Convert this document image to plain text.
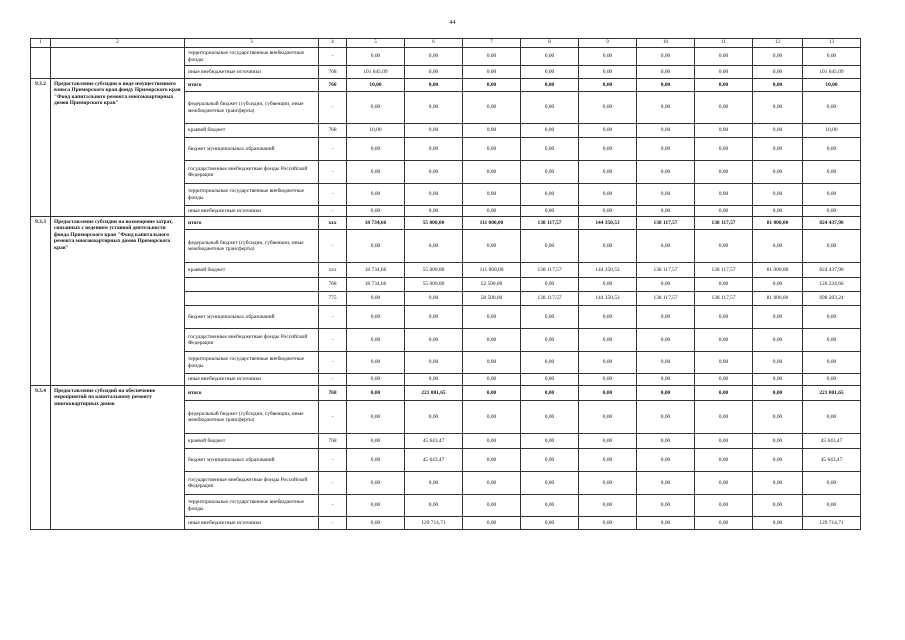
44
1	2	3	4	5	6	7	8	9	10	11	12	13
		территориальные государственные внебюджетные фонды	-	0,00	0,00	0,00	0,00	0,00	0,00	0,00	0,00	0,00
		иные внебюджетные источники	768	101 645,09	0,00	0,00	0,00	0,00	0,00	0,00	0,00	101 645,09
9.3.2	Предоставление субсидии в виде имущественного взноса Приморского края фонду Приморского края "Фонд капитального ремонта многоквартирных домов Приморского края"	итого	768	10,00	0,00	0,00	0,00	0,00	0,00	0,00	0,00	10,00
		федеральный бюджет (субсидии, субвенции, иные межбюджетные трансферты)	-	0,00	0,00	0,00	0,00	0,00	0,00	0,00	0,00	0,00
		краевой бюджет	768	10,00	0,00	0,00	0,00	0,00	0,00	0,00	0,00	10,00
		бюджет муниципальных образований	-	0,00	0,00	0,00	0,00	0,00	0,00	0,00	0,00	0,00
		государственные внебюджетные фонды Российской Федерации	-	0,00	0,00	0,00	0,00	0,00	0,00	0,00	0,00	0,00
		территориальные государственные внебюджетные фонды	-	0,00	0,00	0,00	0,00	0,00	0,00	0,00	0,00	0,00
		иные внебюджетные источники	-	0,00	0,00	0,00	0,00	0,00	0,00	0,00	0,00	0,00
9.3.3	Предоставление субсидии на возмещение затрат, связанных с ведением уставной деятельности фонда Приморского края "Фонд капитального ремонта многоквартирных домов Приморского края"	итого	xxx	18 734,66	55 000,00	111 000,00	138 117,57	144 350,53	138 117,57	138 117,57	81 000,00	824 437,90
		федеральный бюджет (субсидии, субвенции, иные межбюджетные трансферты)	-	0,00	0,00	0,00	0,00	0,00	0,00	0,00	0,00	0,00
		краевой бюджет	xxx	18 734,66	55 000,00	111 000,00	138 117,57	144 350,53	138 117,57	138 117,57	81 000,00	824 437,90
			768	18 734,66	55 000,00	52 500,00	0,00	0,00	0,00	0,00	0,00	126 234,66
			775	0,00	0,00	58 500,00	138 117,57	144 350,53	138 117,57	138 117,57	81 000,00	698 203,24
		бюджет муниципальных образований	-	0,00	0,00	0,00	0,00	0,00	0,00	0,00	0,00	0,00
		государственные внебюджетные фонды Российской Федерации	-	0,00	0,00	0,00	0,00	0,00	0,00	0,00	0,00	0,00
		территориальные государственные внебюджетные фонды	-	0,00	0,00	0,00	0,00	0,00	0,00	0,00	0,00	0,00
		иные внебюджетные источники	-	0,00	0,00	0,00	0,00	0,00	0,00	0,00	0,00	0,00
9.3.4	Предоставление субсидий на обеспечение мероприятий по капитальному ремонту многоквартирных домов	итого	768	0,00	221 001,65	0,00	0,00	0,00	0,00	0,00	0,00	221 001,65
		федеральный бюджет (субсидии, субвенции, иные межбюджетные трансферты)	-	0,00	0,00	0,00	0,00	0,00	0,00	0,00	0,00	0,00
		краевой бюджет	768	0,00	45 643,47	0,00	0,00	0,00	0,00	0,00	0,00	45 643,47
		бюджет муниципальных образований	-	0,00	45 643,47	0,00	0,00	0,00	0,00	0,00	0,00	45 643,47
		государственные внебюджетные фонды Российской Федерации	-	0,00	0,00	0,00	0,00	0,00	0,00	0,00	0,00	0,00
		территориальные государственные внебюджетные фонды	-	0,00	0,00	0,00	0,00	0,00	0,00	0,00	0,00	0,00
		иные внебюджетные источники	-	0,00	129 714,71	0,00	0,00	0,00	0,00	0,00	0,00	129 714,71
